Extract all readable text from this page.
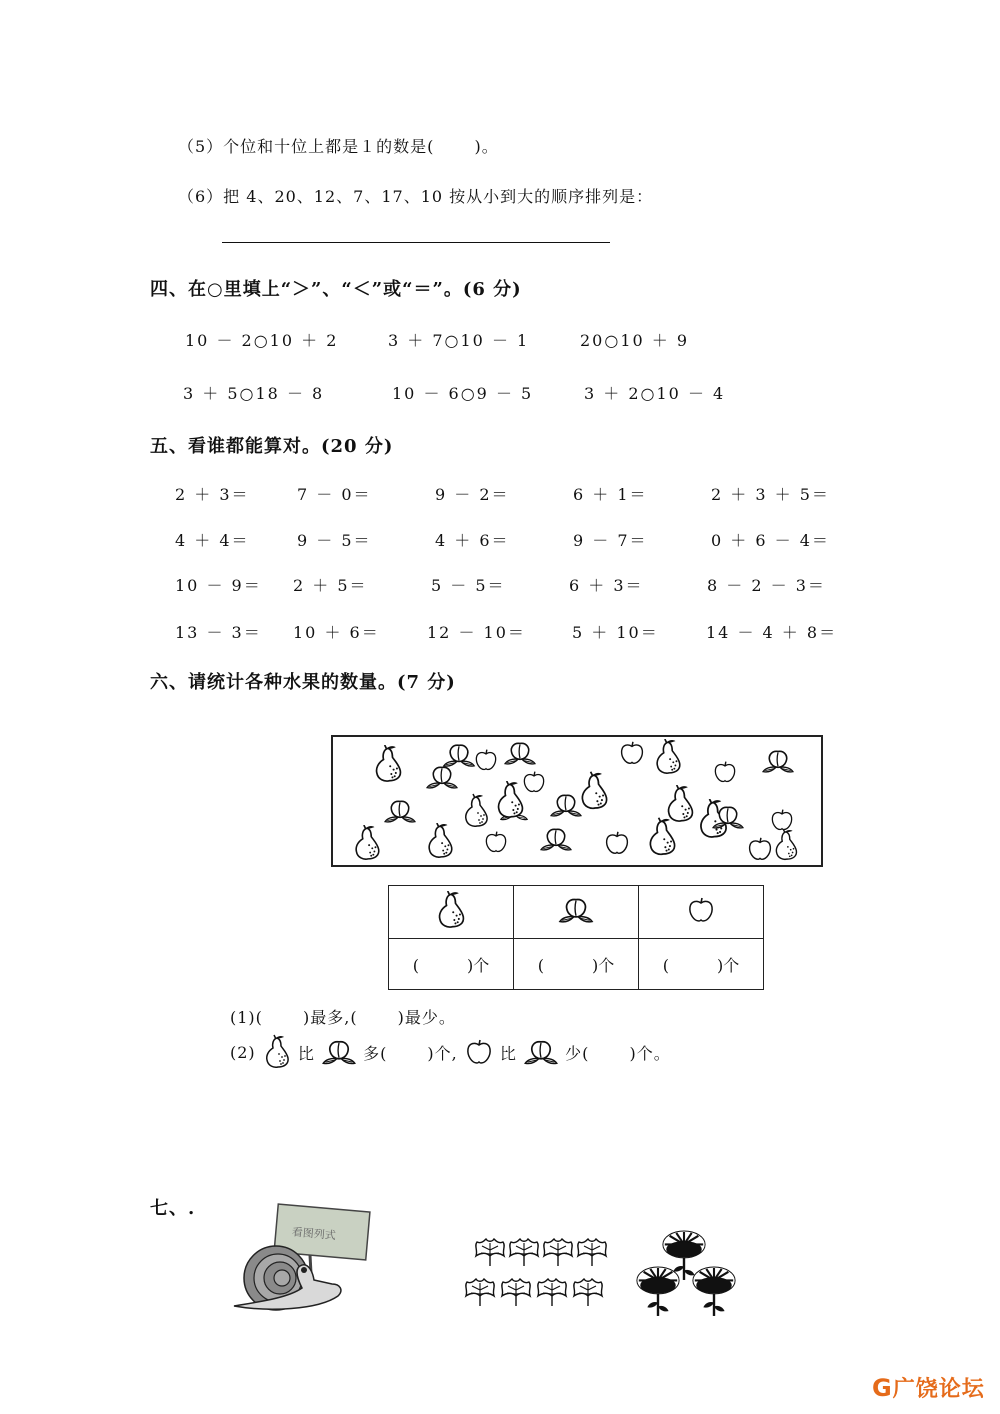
（5）个位和十位上都是１的数是(　　 )。
（6）把 4、20、12、7、17、10 按从小到大的顺序排列是：
四、在○里填上“＞”、“＜”或“＝”。(6 分)
10 － 2○10 ＋ 2	3 ＋ 7○10 － 1	20○10 ＋ 9
3 ＋ 5○18 － 8	10 － 6○9 － 5	3 ＋ 2○10 － 4
五、看谁都能算对。(20 分)
2 ＋ 3＝	7 － 0＝	9 － 2＝	6 ＋ 1＝	2 ＋ 3 ＋ 5＝
4 ＋ 4＝	9 － 5＝	4 ＋ 6＝	9 － 7＝	0 ＋ 6 － 4＝
10 － 9＝ 2 ＋ 5＝	5 － 5＝	6 ＋ 3＝	8 － 2 － 3＝
13 － 3＝ 10 ＋ 6＝	12 － 10＝	5 ＋ 10＝	14 － 4 ＋ 8＝
六、请统计各种水果的数量。(7 分)

(　　　)个	(　　　)个	(　　　)个
(1)(　　 )最多,(　　 )最少。
(2)	比	多(　　 )个,	比	少(　　 )个。
七、.
看图列式
G广饶论坛
